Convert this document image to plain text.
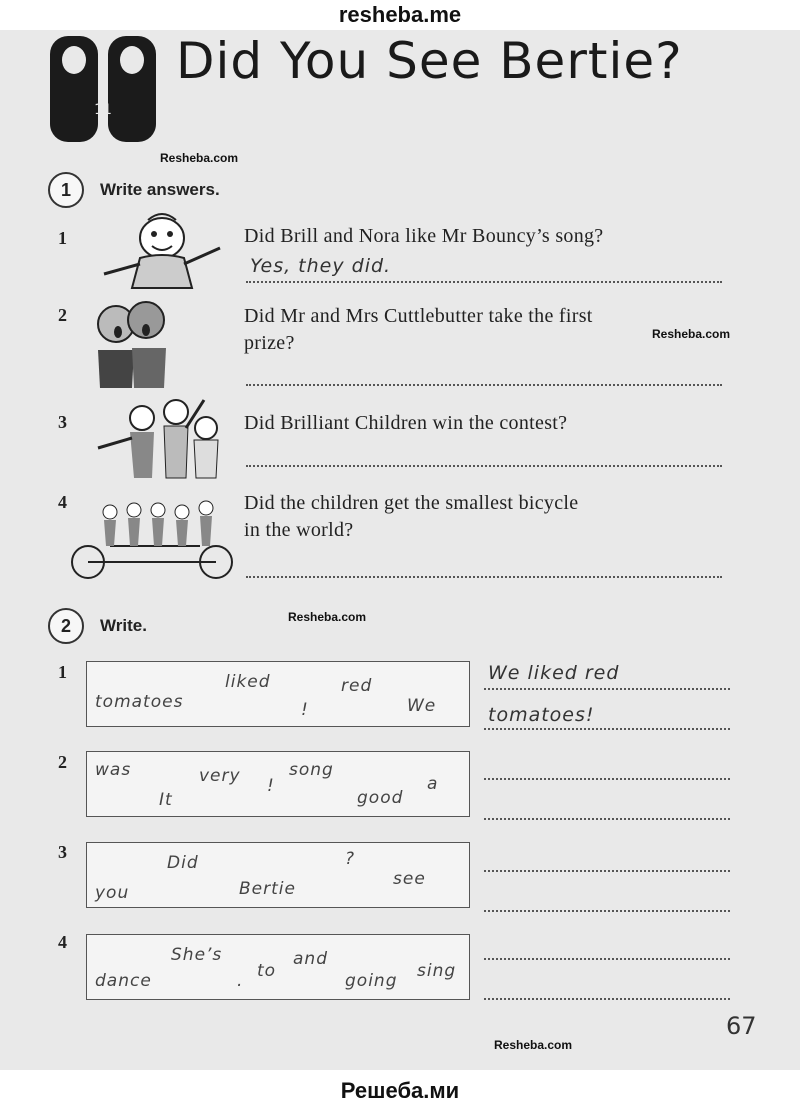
resheba.me
11
Did You See Bertie?
Resheba.com
1	Write answers.
1	Did Brill and Nora like Mr Bouncy’s song?
Yes, they did.
2	Did Mr and Mrs Cuttlebutter take the first
prize?	Resheba.com
3	Did Brilliant Children win the contest?
4	Did the children get the smallest bicycle
in the world?
2	Write.	Resheba.com
1	liked	red
tomatoes	!	We
We liked red
tomatoes!
2 was	very	song
a
!
It	good
3
Did	?
see
you	Bertie
4
She’s	and
to	sing
dance	.	going
67
Resheba.com
Решеба.ми
